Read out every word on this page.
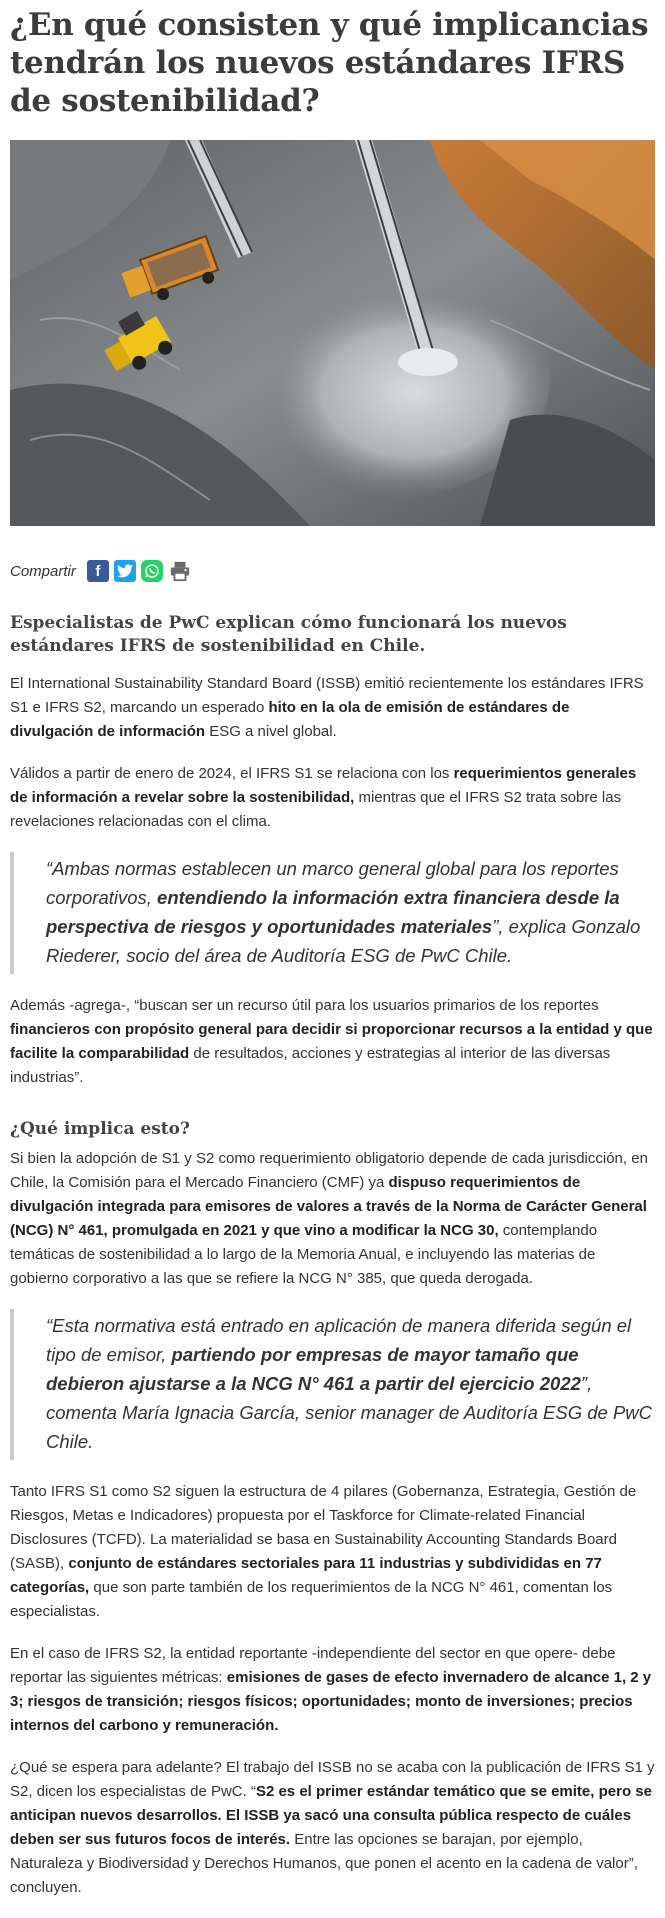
¿En qué consisten y qué implicancias tendrán los nuevos estándares IFRS de sostenibilidad?
Compartir	f
Especialistas de PwC explican cómo funcionará los nuevos estándares IFRS de sostenibilidad en Chile.

El International Sustainability Standard Board (ISSB) emitió recientemente los estándares IFRS S1 e IFRS S2, marcando un esperado hito en la ola de emisión de estándares de divulgación de información ESG a nivel global.

Válidos a partir de enero de 2024, el IFRS S1 se relaciona con los requerimientos generales de información a revelar sobre la sostenibilidad, mientras que el IFRS S2 trata sobre las revelaciones relacionadas con el clima.

“Ambas normas establecen un marco general global para los reportes corporativos, entendiendo la información extra financiera desde la perspectiva de riesgos y oportunidades materiales”, explica Gonzalo Riederer, socio del área de Auditoría ESG de PwC Chile.

Además -agrega-, “buscan ser un recurso útil para los usuarios primarios de los reportes financieros con propósito general para decidir si proporcionar recursos a la entidad y que facilite la comparabilidad de resultados, acciones y estrategias al interior de las diversas industrias”.

¿Qué implica esto?

Si bien la adopción de S1 y S2 como requerimiento obligatorio depende de cada jurisdicción, en Chile, la Comisión para el Mercado Financiero (CMF) ya dispuso requerimientos de divulgación integrada para emisores de valores a través de la Norma de Carácter General (NCG) N° 461, promulgada en 2021 y que vino a modificar la NCG 30, contemplando temáticas de sostenibilidad a lo largo de la Memoria Anual, e incluyendo las materias de gobierno corporativo a las que se refiere la NCG N° 385, que queda derogada.

“Esta normativa está entrado en aplicación de manera diferida según el tipo de emisor, partiendo por empresas de mayor tamaño que debieron ajustarse a la NCG N° 461 a partir del ejercicio 2022”, comenta María Ignacia García, senior manager de Auditoría ESG de PwC Chile.

Tanto IFRS S1 como S2 siguen la estructura de 4 pilares (Gobernanza, Estrategia, Gestión de Riesgos, Metas e Indicadores) propuesta por el Taskforce for Climate-related Financial Disclosures (TCFD). La materialidad se basa en Sustainability Accounting Standards Board (SASB), conjunto de estándares sectoriales para 11 industrias y subdivididas en 77 categorías, que son parte también de los requerimientos de la NCG N° 461, comentan los especialistas.

En el caso de IFRS S2, la entidad reportante -independiente del sector en que opere- debe reportar las siguientes métricas: emisiones de gases de efecto invernadero de alcance 1, 2 y 3; riesgos de transición; riesgos físicos; oportunidades; monto de inversiones; precios internos del carbono y remuneración.

¿Qué se espera para adelante? El trabajo del ISSB no se acaba con la publicación de IFRS S1 y S2, dicen los especialistas de PwC. “S2 es el primer estándar temático que se emite, pero se anticipan nuevos desarrollos. El ISSB ya sacó una consulta pública respecto de cuáles deben ser sus futuros focos de interés. Entre las opciones se barajan, por ejemplo, Naturaleza y Biodiversidad y Derechos Humanos, que ponen el acento en la cadena de valor”, concluyen.
